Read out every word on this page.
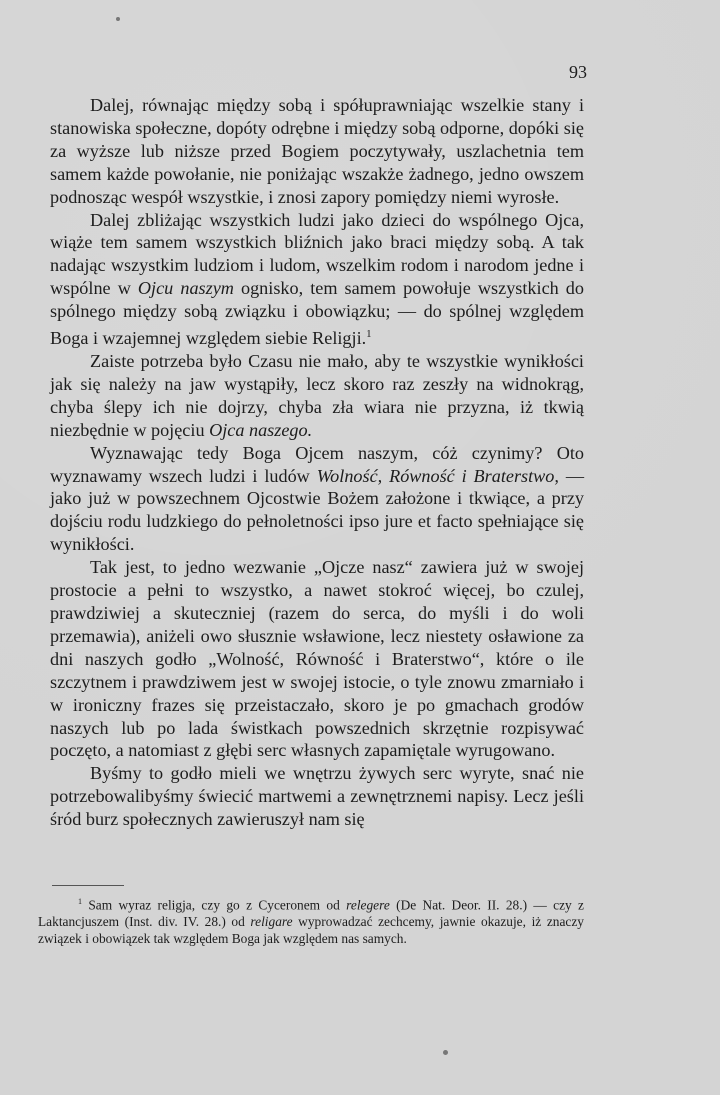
93

Dalej, równając między sobą i spółuprawniając wszelkie stany i stanowiska społeczne, dopóty odrębne i między sobą odporne, dopóki się za wyższe lub niższe przed Bogiem poczytywały, uszlachetnia tem samem każde powołanie, nie poniżając wszakże żadnego, jedno owszem podnosząc wespół wszystkie, i znosi zapory pomiędzy niemi wyrosłe.

Dalej zbliżając wszystkich ludzi jako dzieci do wspólnego Ojca, wiąże tem samem wszystkich bliźnich jako braci między sobą. A tak nadając wszystkim ludziom i ludom, wszelkim rodom i narodom jedne i wspólne w Ojcu naszym ognisko, tem samem powołuje wszystkich do spólnego między sobą związku i obowiązku; — do spólnej względem Boga i wzajemnej względem siebie Religji.$^1$

Zaiste potrzeba było Czasu nie mało, aby te wszystkie wynikłości jak się należy na jaw wystąpiły, lecz skoro raz zeszły na widnokrąg, chyba ślepy ich nie dojrzy, chyba zła wiara nie przyzna, iż tkwią niezbędnie w pojęciu Ojca naszego.

Wyznawając tedy Boga Ojcem naszym, cóż czynimy? Oto wyznawamy wszech ludzi i ludów Wolność, Równość i Braterstwo, — jako już w powszechnem Ojcostwie Bożem założone i tkwiące, a przy dojściu rodu ludzkiego do pełnoletności ipso jure et facto spełniające się wynikłości.

Tak jest, to jedno wezwanie „Ojcze nasz“ zawiera już w swojej prostocie a pełni to wszystko, a nawet stokroć więcej, bo czulej, prawdziwiej a skuteczniej (razem do serca, do myśli i do woli przemawia), aniżeli owo słusznie wsławione, lecz niestety osławione za dni naszych godło „Wolność, Równość i Braterstwo“, które o ile szczytnem i prawdziwem jest w swojej istocie, o tyle znowu zmarniało i w ironiczny frazes się przeistaczało, skoro je po gmachach grodów naszych lub po lada świstkach powszednich skrzętnie rozpisywać poczęto, a natomiast z głębi serc własnych zapamiętale wyrugowano.

Byśmy to godło mieli we wnętrzu żywych serc wyryte, snać nie potrzebowalibyśmy świecić martwemi a zewnętrznemi napisy. Lecz jeśli śród burz społecznych zawieruszył nam się

$^1$ Sam wyraz religja, czy go z Cyceronem od relegere (De Nat. Deor. II. 28.) — czy z Laktancjuszem (Inst. div. IV. 28.) od religare wyprowadzać zechcemy, jawnie okazuje, iż znaczy związek i obowiązek tak względem Boga jak względem nas samych.
